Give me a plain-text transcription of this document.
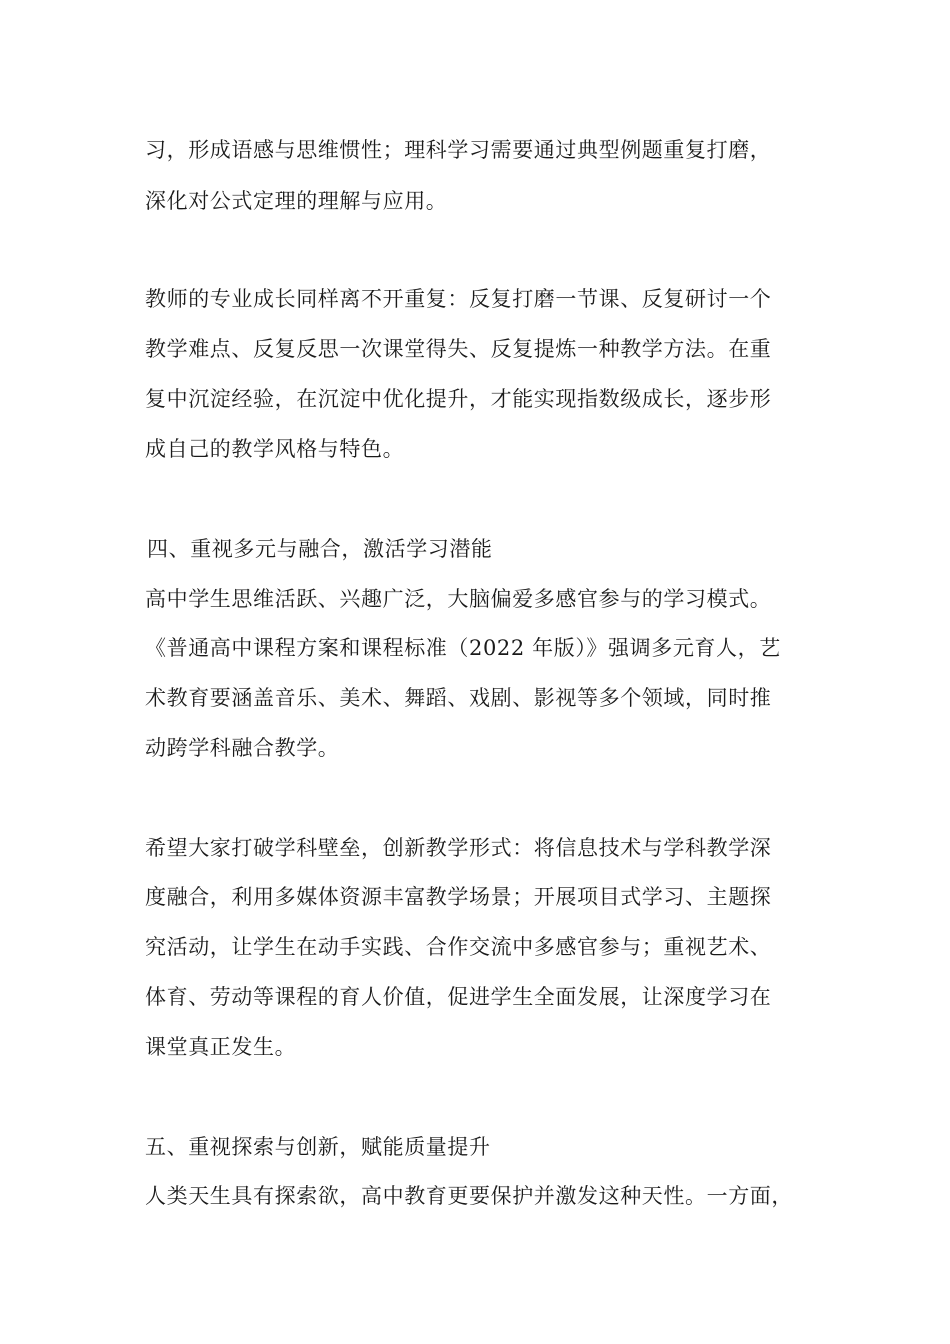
习，形成语感与思维惯性；理科学习需要通过典型例题重复打磨，
深化对公式定理的理解与应用。
教师的专业成长同样离不开重复：反复打磨一节课、反复研讨一个
教学难点、反复反思一次课堂得失、反复提炼一种教学方法。在重
复中沉淀经验，在沉淀中优化提升，才能实现指数级成长，逐步形
成自己的教学风格与特色。
四、重视多元与融合，激活学习潜能
高中学生思维活跃、兴趣广泛，大脑偏爱多感官参与的学习模式。
《普通高中课程方案和课程标准（2022 年版）》强调多元育人，艺
术教育要涵盖音乐、美术、舞蹈、戏剧、影视等多个领域，同时推
动跨学科融合教学。
希望大家打破学科壁垒，创新教学形式：将信息技术与学科教学深
度融合，利用多媒体资源丰富教学场景；开展项目式学习、主题探
究活动，让学生在动手实践、合作交流中多感官参与；重视艺术、
体育、劳动等课程的育人价值，促进学生全面发展，让深度学习在
课堂真正发生。
五、重视探索与创新，赋能质量提升
人类天生具有探索欲，高中教育更要保护并激发这种天性。一方面，
